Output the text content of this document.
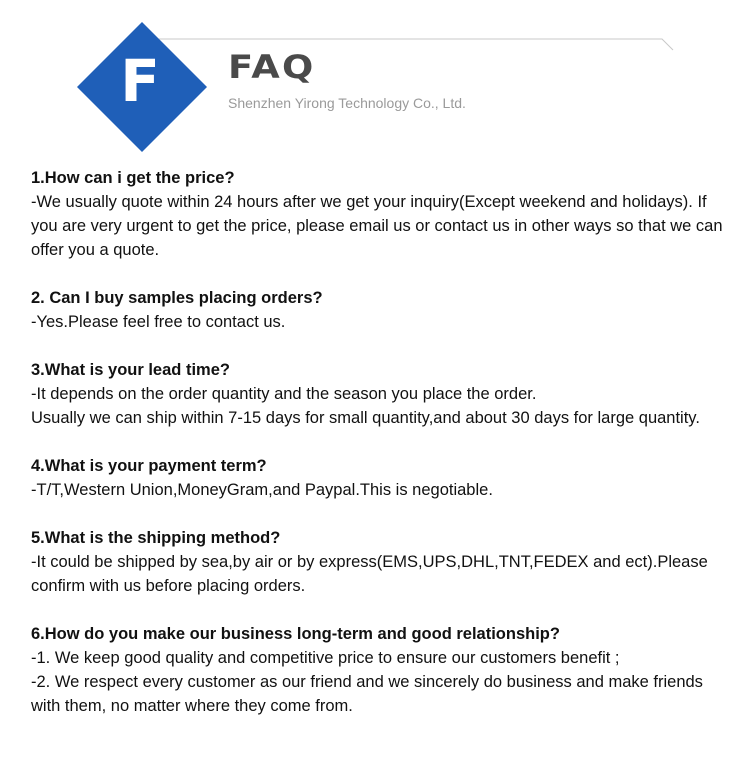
F FAQ
Shenzhen Yirong Technology Co., Ltd.

1.How can i get the price?

-We usually quote within 24 hours after we get your inquiry(Except weekend and holidays). If you are very urgent to get the price, please email us or contact us in other ways so that we can offer you a quote.

2. Can I buy samples placing orders?

-Yes.Please feel free to contact us.

3.What is your lead time?

-It depends on the order quantity and the season you place the order.

Usually we can ship within 7-15 days for small quantity,and about 30 days for large quantity.

4.What is your payment term?

-T/T,Western Union,MoneyGram,and Paypal.This is negotiable.

5.What is the shipping method?

-It could be shipped by sea,by air or by express(EMS,UPS,DHL,TNT,FEDEX and ect).Please confirm with us before placing orders.

6.How do you make our business long-term and good relationship?

-1. We keep good quality and competitive price to ensure our customers benefit ;

-2. We respect every customer as our friend and we sincerely do business and make friends with them, no matter where they come from.
